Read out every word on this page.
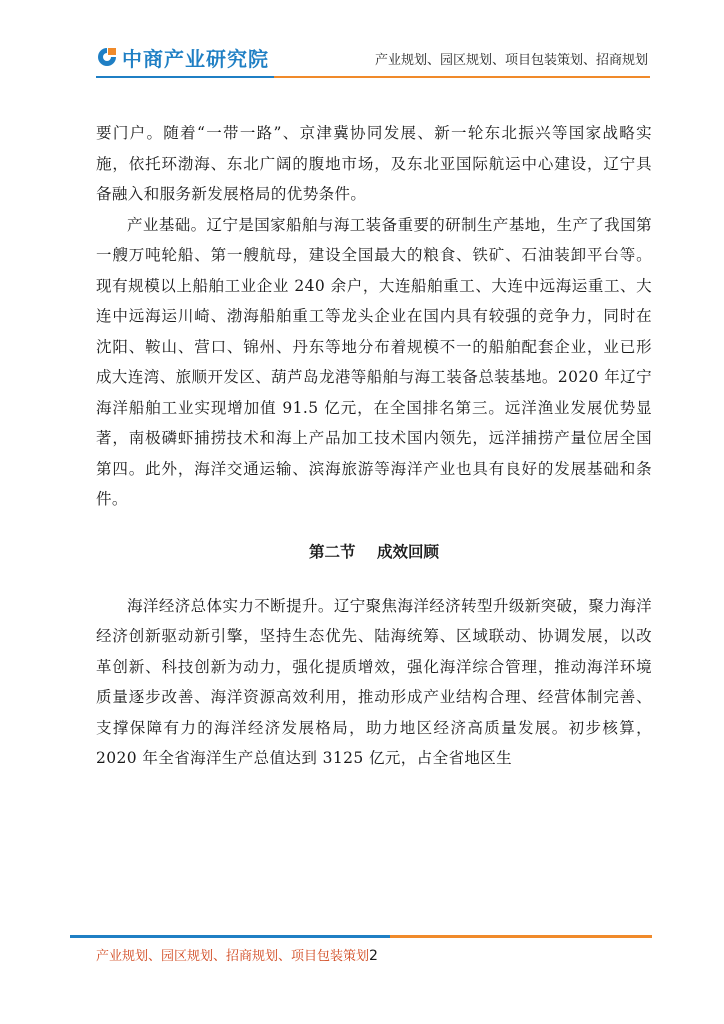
中商产业研究院	产业规划、园区规划、项目包装策划、招商规划

要门户。随着“一带一路”、京津冀协同发展、新一轮东北振兴等国家战略实施，依托环渤海、东北广阔的腹地市场，及东北亚国际航运中心建设，辽宁具备融入和服务新发展格局的优势条件。

产业基础。辽宁是国家船舶与海工装备重要的研制生产基地，生产了我国第一艘万吨轮船、第一艘航母，建设全国最大的粮食、铁矿、石油装卸平台等。现有规模以上船舶工业企业 240 余户，大连船舶重工、大连中远海运重工、大连中远海运川崎、渤海船舶重工等龙头企业在国内具有较强的竞争力，同时在沈阳、鞍山、营口、锦州、丹东等地分布着规模不一的船舶配套企业，业已形成大连湾、旅顺开发区、葫芦岛龙港等船舶与海工装备总装基地。2020 年辽宁海洋船舶工业实现增加值 91.5 亿元，在全国排名第三。远洋渔业发展优势显著，南极磷虾捕捞技术和海上产品加工技术国内领先，远洋捕捞产量位居全国第四。此外，海洋交通运输、滨海旅游等海洋产业也具有良好的发展基础和条件。

第二节 成效回顾

海洋经济总体实力不断提升。辽宁聚焦海洋经济转型升级新突破，聚力海洋经济创新驱动新引擎，坚持生态优先、陆海统筹、区域联动、协调发展，以改革创新、科技创新为动力，强化提质增效，强化海洋综合管理，推动海洋环境质量逐步改善、海洋资源高效利用，推动形成产业结构合理、经营体制完善、支撑保障有力的海洋经济发展格局，助力地区经济高质量发展。初步核算，2020 年全省海洋生产总值达到 3125 亿元，占全省地区生

产业规划、园区规划、招商规划、项目包装策划2
